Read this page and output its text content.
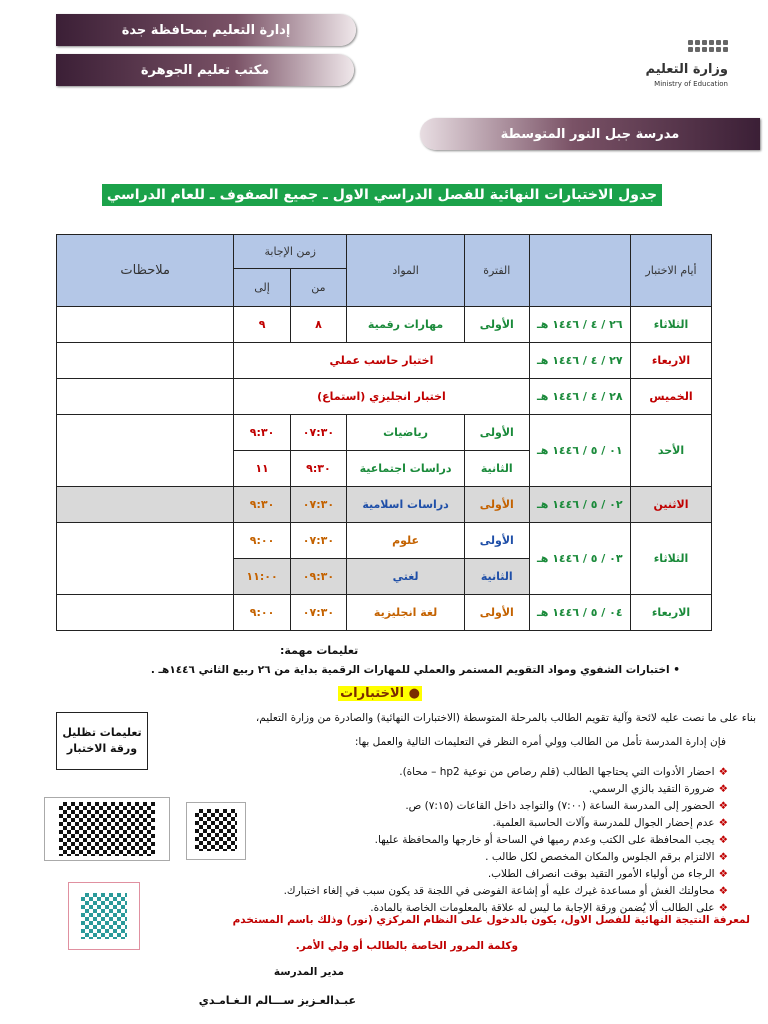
إدارة التعليم بمحافظة جدة
مكتب تعليم الجوهرة
مدرسة جبل النور المتوسطة
وزارة التعليم
Ministry of Education
جدول الاختبارات النهائية للفصل الدراسي الاول ـ جميع الصفوف ـ للعام الدراسي ١٤٤٦هـ
أيام الاختبار		الفترة	المواد	زمن الإجابة		ملاحظات
				من	إلى	
الثلاثاء	٢٦ / ٤ / ١٤٤٦ هـ	الأولى	مهارات رقمية	٨	٩	
الاربعاء	٢٧ / ٤ / ١٤٤٦ هـ	اختبار حاسب عملي				
الخميس	٢٨ / ٤ / ١٤٤٦ هـ	اختبار انجليزي (استماع)				
الأحد	٠١ / ٥ / ١٤٤٦ هـ	الأولى	رياضيات	٠٧:٣٠	٩:٣٠	
		الثانية	دراسات اجتماعية	٩:٣٠	١١	
الاثنين	٠٢ / ٥ / ١٤٤٦ هـ	الأولى	دراسات اسلامية	٠٧:٣٠	٩:٣٠	
الثلاثاء	٠٣ / ٥ / ١٤٤٦ هـ	الأولى	علوم	٠٧:٣٠	٩:٠٠	
		الثانية	لغتي	٠٩:٣٠	١١:٠٠	
الاربعاء	٠٤ / ٥ / ١٤٤٦ هـ	الأولى	لغة انجليزية	٠٧:٣٠	٩:٠٠	
تعليمات مهمة:
• اختبارات الشفوي ومواد التقويم المستمر والعملي للمهارات الرقمية بداية من ٢٦ ربيع الثاني ١٤٤٦هـ .
● الاختبارات
بناء على ما نصت عليه لائحة وآلية تقويم الطالب بالمرحلة المتوسطة (الاختبارات النهائية) والصادرة من وزارة التعليم،
فإن إدارة المدرسة تأمل من الطالب وولي أمره النظر في التعليمات التالية والعمل بها:
تعليمات تظليل ورقة الاختبار
❖احضار الأدوات التي يحتاجها الطالب (قلم رصاص من نوعية hp2 – محاة).
❖ضرورة التقيد بالزي الرسمي.
❖الحضور إلى المدرسة الساعة (٧:٠٠) والتواجد داخل القاعات (٧:١٥) ص.
❖عدم إحضار الجوال للمدرسة وآلات الحاسبة العلمية.
❖يجب المحافظة على الكتب وعدم رميها في الساحة أو خارجها والمحافظة عليها.
❖الالتزام برقم الجلوس والمكان المخصص لكل طالب .
❖الرجاء من أولياء الأمور التقيد بوقت انصراف الطلاب.
❖محاولتك الغش أو مساعدة غيرك عليه أو إشاعة الفوضى في اللجنة قد يكون سبب في إلغاء اختبارك.
❖على الطالب ألا يُضمن ورقة الإجابة ما ليس له علاقة بالمعلومات الخاصة بالمادة.
لمعرفة النتيجة النهائية للفصل الاول، يكون بالدخول على النظام المركزي (نور) وذلك باسم المستخدم
وكلمة المرور الخاصة بالطالب أو ولي الأمر.
مدير المدرسة
عبـدالعـزيز ســـالم الـغـامـدي
